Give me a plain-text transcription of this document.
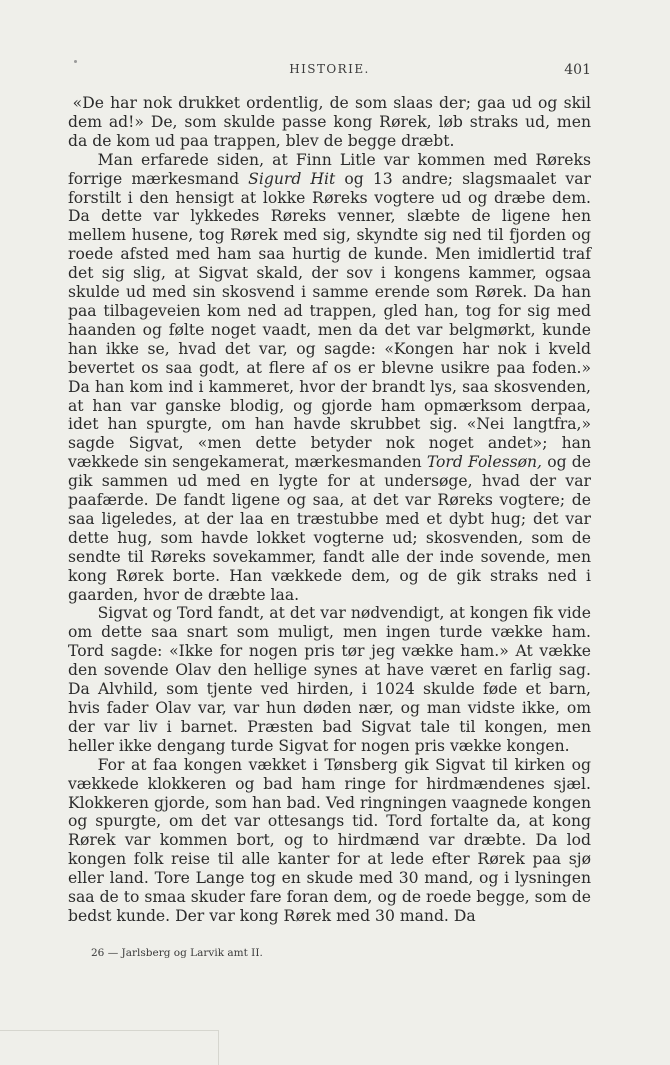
HISTORIE.	401

«De har nok drukket ordentlig, de som slaas der; gaa ud og skil dem ad!» De, som skulde passe kong Rørek, løb straks ud, men da de kom ud paa trappen, blev de begge dræbt.

Man erfarede siden, at Finn Litle var kommen med Røreks forrige mærkesmand Sigurd Hit og 13 andre; slagsmaalet var forstilt i den hensigt at lokke Røreks vogtere ud og dræbe dem. Da dette var lykkedes Røreks venner, slæbte de ligene hen mellem husene, tog Rørek med sig, skyndte sig ned til fjorden og roede afsted med ham saa hurtig de kunde. Men imidlertid traf det sig slig, at Sigvat skald, der sov i kongens kammer, ogsaa skulde ud med sin skosvend i samme erende som Rørek. Da han paa tilbageveien kom ned ad trappen, gled han, tog for sig med haanden og følte noget vaadt, men da det var belgmørkt, kunde han ikke se, hvad det var, og sagde: «Kongen har nok i kveld bevertet os saa godt, at flere af os er blevne usikre paa foden.» Da han kom ind i kammeret, hvor der brandt lys, saa skosvenden, at han var ganske blodig, og gjorde ham opmærksom derpaa, idet han spurgte, om han havde skrubbet sig. «Nei langtfra,» sagde Sigvat, «men dette betyder nok noget andet»; han vækkede sin sengekamerat, mærkesmanden Tord Folessøn, og de gik sammen ud med en lygte for at undersøge, hvad der var paafærde. De fandt ligene og saa, at det var Røreks vogtere; de saa ligeledes, at der laa en træstubbe med et dybt hug; det var dette hug, som havde lokket vogterne ud; skosvenden, som de sendte til Røreks sovekammer, fandt alle der inde sovende, men kong Rørek borte. Han vækkede dem, og de gik straks ned i gaarden, hvor de dræbte laa.

Sigvat og Tord fandt, at det var nødvendigt, at kongen fik vide om dette saa snart som muligt, men ingen turde vække ham. Tord sagde: «Ikke for nogen pris tør jeg vække ham.» At vække den sovende Olav den hellige synes at have været en farlig sag. Da Alvhild, som tjente ved hirden, i 1024 skulde føde et barn, hvis fader Olav var, var hun døden nær, og man vidste ikke, om der var liv i barnet. Præsten bad Sigvat tale til kongen, men heller ikke dengang turde Sigvat for nogen pris vække kongen.

For at faa kongen vækket i Tønsberg gik Sigvat til kirken og vækkede klokkeren og bad ham ringe for hirdmændenes sjæl. Klokkeren gjorde, som han bad. Ved ringningen vaagnede kongen og spurgte, om det var ottesangs tid. Tord fortalte da, at kong Rørek var kommen bort, og to hirdmænd var dræbte. Da lod kongen folk reise til alle kanter for at lede efter Rørek paa sjø eller land. Tore Lange tog en skude med 30 mand, og i lysningen saa de to smaa skuder fare foran dem, og de roede begge, som de bedst kunde. Der var kong Rørek med 30 mand. Da

26 — Jarlsberg og Larvik amt II.
